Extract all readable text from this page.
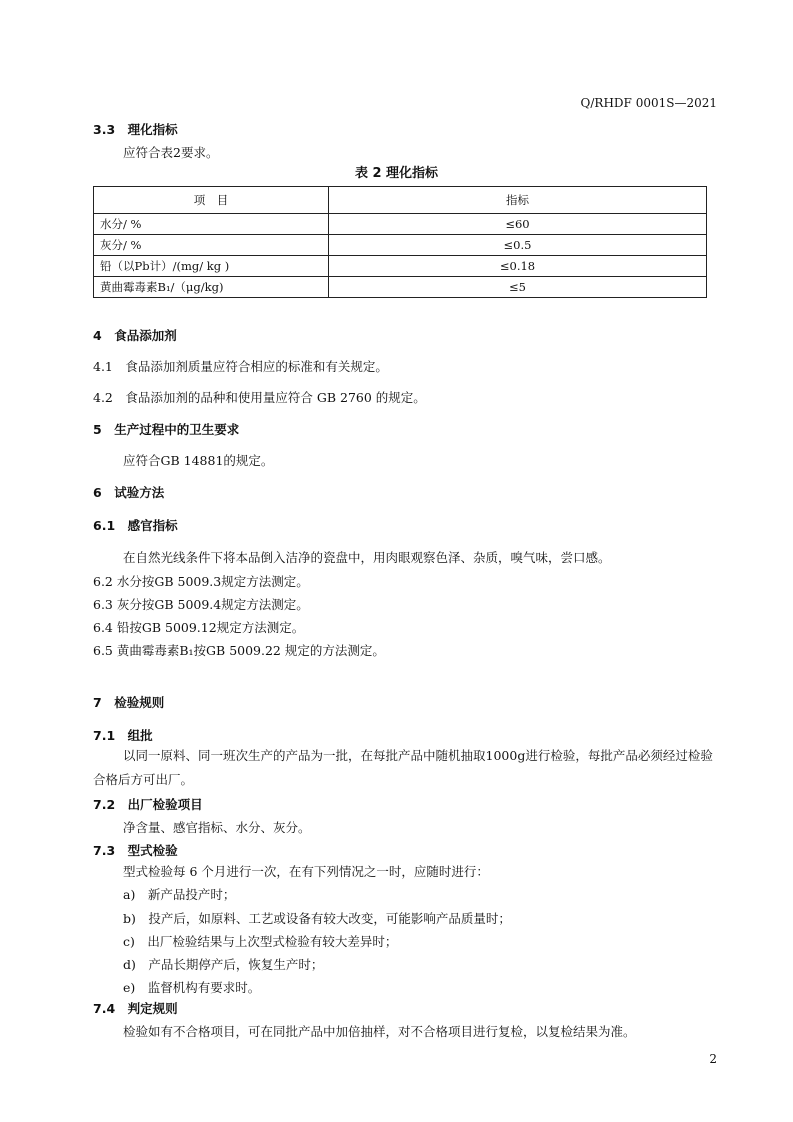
Q/RHDF 0001S—2021
3.3　 理化指标
应符合表2要求。
表 2 理化指标
项　目	指标
水分/ %	≤60
灰分/ %	≤0.5
铅（以Pb计）/(mg/ kg )	≤0.18
黄曲霉毒素B₁/（μg/kg)	≤5
4　 食品添加剂
4.1　食品添加剂质量应符合相应的标准和有关规定。
4.2　食品添加剂的品种和使用量应符合 GB 2760 的规定。
5　 生产过程中的卫生要求
应符合GB 14881的规定。
6　 试验方法
6.1　 感官指标
在自然光线条件下将本品倒入洁净的瓷盘中，用肉眼观察色泽、杂质，嗅气味，尝口感。
6.2 水分按GB 5009.3规定方法测定。
6.3 灰分按GB 5009.4规定方法测定。
6.4 铅按GB 5009.12规定方法测定。
6.5 黄曲霉毒素B₁按GB 5009.22 规定的方法测定。
7　 检验规则
7.1　 组批
以同一原料、同一班次生产的产品为一批，在每批产品中随机抽取1000g进行检验，每批产品必须经过检验合格后方可出厂。
7.2　 出厂检验项目
净含量、感官指标、水分、灰分。
7.3　 型式检验
型式检验每 6 个月进行一次，在有下列情况之一时，应随时进行：
a)　新产品投产时；
b)　投产后，如原料、工艺或设备有较大改变，可能影响产品质量时；
c)　出厂检验结果与上次型式检验有较大差异时；
d)　产品长期停产后，恢复生产时；
e)　监督机构有要求时。
7.4　 判定规则
检验如有不合格项目，可在同批产品中加倍抽样，对不合格项目进行复检，以复检结果为准。
2
